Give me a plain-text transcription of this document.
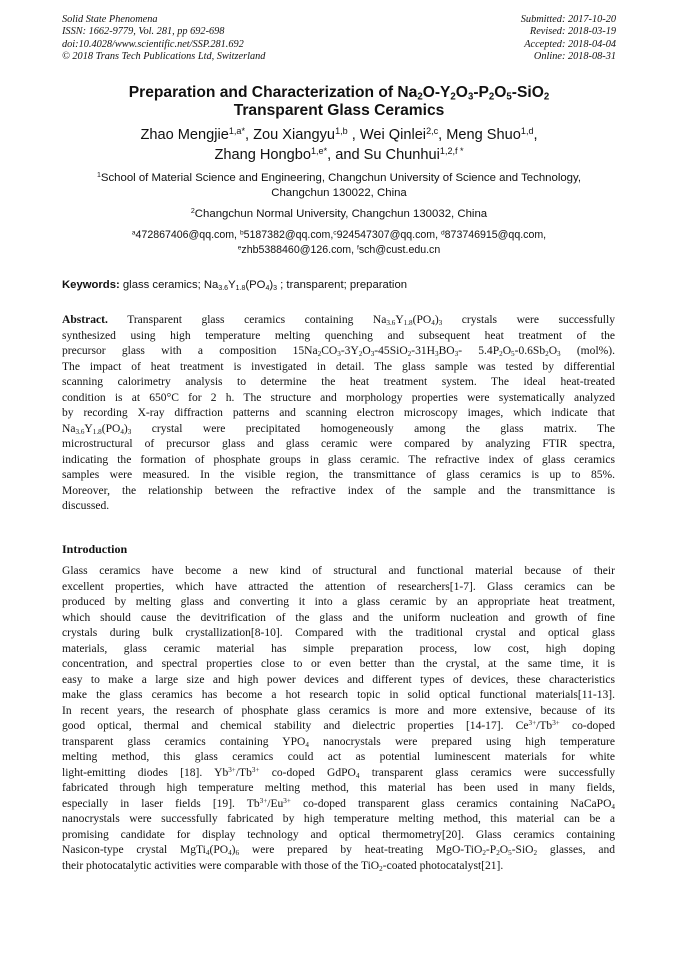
Solid State Phenomena
ISSN: 1662-9779, Vol. 281, pp 692-698
doi:10.4028/www.scientific.net/SSP.281.692
© 2018 Trans Tech Publications Ltd, Switzerland
Submitted: 2017-10-20
Revised: 2018-03-19
Accepted: 2018-04-04
Online: 2018-08-31
Preparation and Characterization of $Na_2O-Y_2O_3-P_2O_5-SiO_2$
Transparent Glass Ceramics
Zhao Mengjie$^{1,a*}$, Zou Xiangyu$^{1,b}$ , Wei Qinlei$^{2,c}$, Meng Shuo$^{1,d}$,
Zhang Hongbo$^{1,e*}$, and Su Chunhui$^{1,2,f *}$
$^1$School of Material Science and Engineering, Changchun University of Science and Technology,
Changchun 130022, China
$^2$Changchun Normal University, Changchun 130032, China
$^a$472867406@qq.com, $^b$5187382@qq.com,$^c$924547307@qq.com, $^d$873746915@qq.com,
$^e$zhb5388460@126.com, $^f$sch@cust.edu.cn
Keywords: glass ceramics; $Na_{3.6}Y_{1.8}(PO_4)_3$ ; transparent; preparation
Abstract. Transparent glass ceramics containing $Na_{3.6}Y_{1.8}(PO_4)_3$ crystals were successfully
synthesized using high temperature melting quenching and subsequent heat treatment of the
precursor glass with a composition $15Na_2CO_3-3Y_2O_3-45SiO_2-31H_3BO_3-$ $5.4P_2O_5-0.6Sb_2O_3$ (mol%).
The impact of heat treatment is investigated in detail. The glass sample was tested by differential
scanning calorimetry analysis to determine the heat treatment system. The ideal heat-treated
condition is at 650°C for 2 h. The structure and morphology properties were systematically analyzed
by recording X-ray diffraction patterns and scanning electron microscopy images, which indicate that
$Na_{3.6}Y_{1.8}(PO_4)_3$ crystal were precipitated homogeneously among the glass matrix. The
microstructural of precursor glass and glass ceramic were compared by analyzing FTIR spectra,
indicating the formation of phosphate groups in glass ceramic. The refractive index of glass ceramics
samples were measured. In the visible region, the transmittance of glass ceramics is up to 85%.
Moreover, the relationship between the refractive index of the sample and the transmittance is
discussed.
Introduction
Glass ceramics have become a new kind of structural and functional material because of their
excellent properties, which have attracted the attention of researchers[1-7]. Glass ceramics can be
produced by melting glass and converting it into a glass ceramic by an appropriate heat treatment,
which should cause the devitrification of the glass and the uniform nucleation and growth of fine
crystals during bulk crystallization[8-10]. Compared with the traditional crystal and optical glass
materials, glass ceramic material has simple preparation process, low cost, high doping
concentration, and spectral properties close to or even better than the crystal, at the same time, it is
easy to make a large size and high power devices and different types of devices, these characteristics
make the glass ceramics has become a hot research topic in solid optical functional materials[11-13].
In recent years, the research of phosphate glass ceramics is more and more extensive, because of its
good optical, thermal and chemical stability and dielectric properties [14-17]. $Ce^{3+}/Tb^{3+}$ co-doped
transparent glass ceramics containing $YPO_4$ nanocrystals were prepared using high temperature
melting method, this glass ceramics could act as potential luminescent materials for white
light-emitting diodes [18]. $Yb^{3+}/Tb^{3+}$ co-doped GdPO$_4$ transparent glass ceramics were successfully
fabricated through high temperature melting method, this material has been used in many fields,
especially in laser fields [19]. $Tb^{3+}/Eu^{3+}$ co-doped transparent glass ceramics containing NaCaPO$_4$
nanocrystals were successfully fabricated by high temperature melting method, this material can be a
promising candidate for display technology and optical thermometry[20]. Glass ceramics containing
Nasicon-type crystal $MgTi_4(PO_4)_6$ were prepared by heat-treating MgO-$TiO_2-P_2O_5-SiO_2$ glasses, and
their photocatalytic activities were comparable with those of the TiO$_2$-coated photocatalyst[21].
